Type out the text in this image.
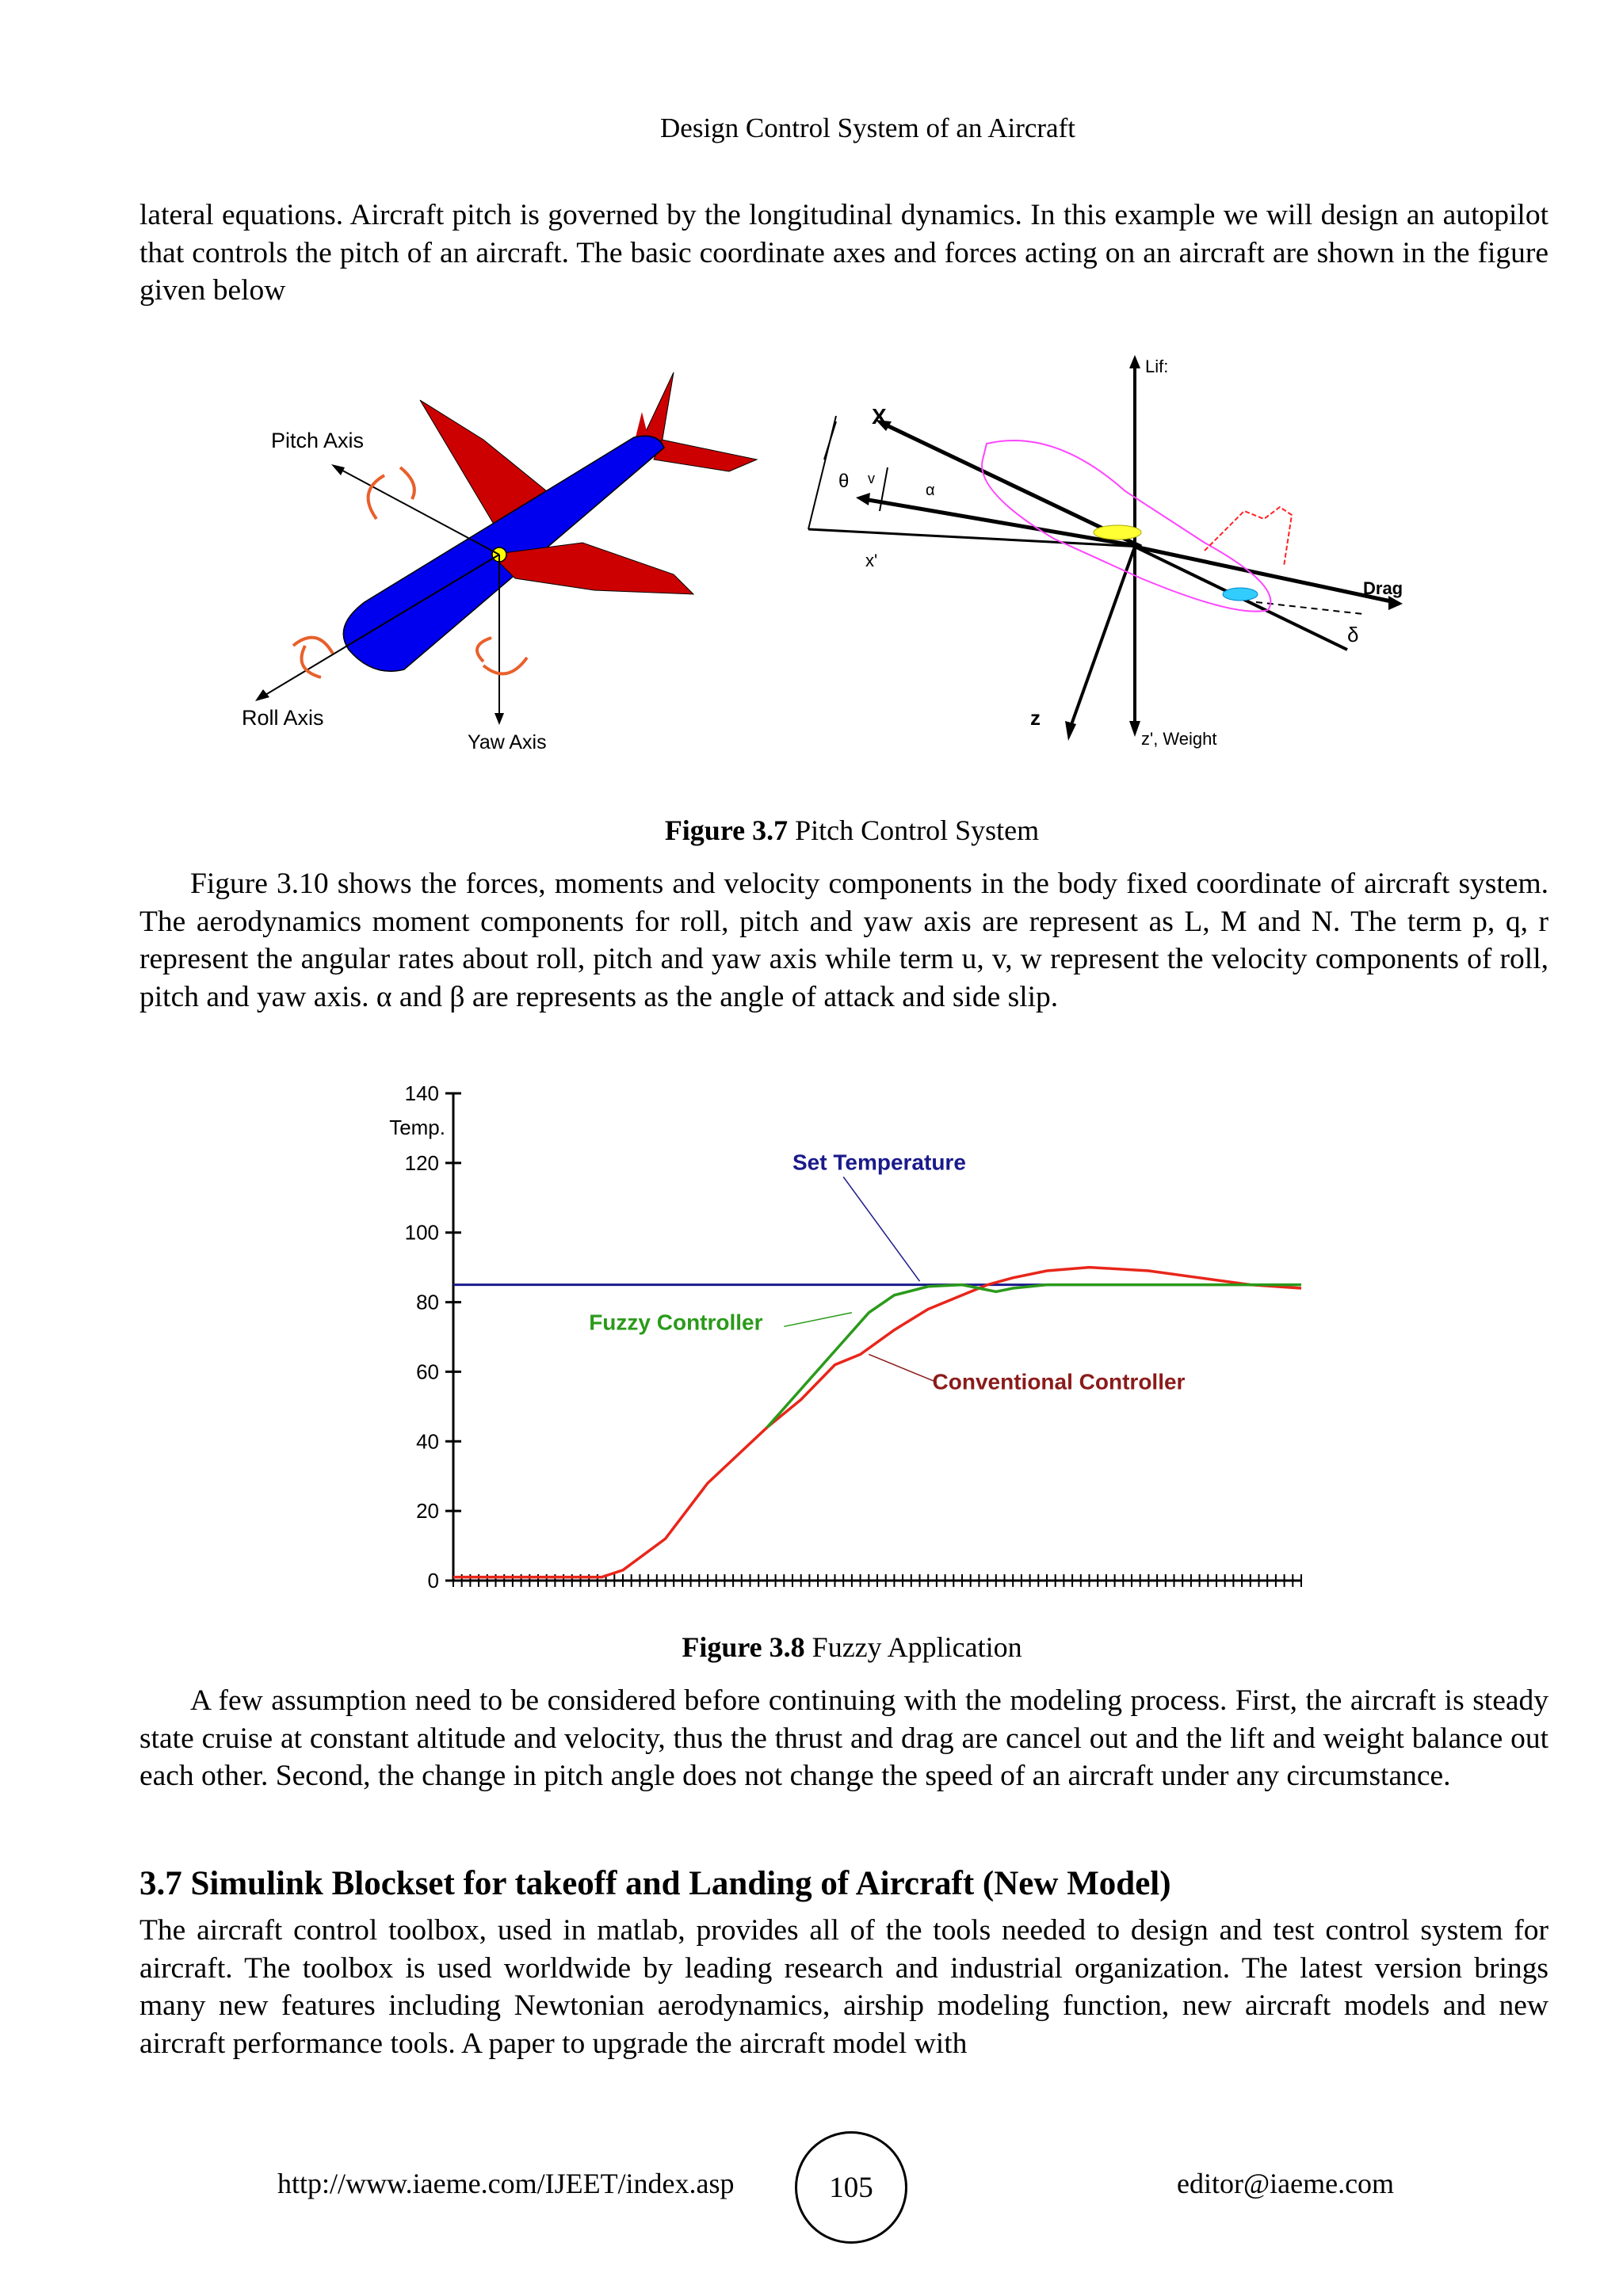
Design Control System of an Aircraft
lateral equations. Aircraft pitch is governed by the longitudinal dynamics. In this example we will design an autopilot that controls the pitch of an aircraft. The basic coordinate axes and forces acting on an aircraft are shown in the figure given below
Pitch Axis
Roll Axis
Yaw Axis
Lif:
X
θ v
α
x'
Drag
δ
z
z', Weight
Figure 3.7 Pitch Control System
Figure 3.10 shows the forces, moments and velocity components in the body fixed coordinate of aircraft system. The aerodynamics moment components for roll, pitch and yaw axis are represent as L, M and N. The term p, q, r represent the angular rates about roll, pitch and yaw axis while term u, v, w represent the velocity components of roll, pitch and yaw axis. α and β are represents as the angle of attack and side slip.
0
20
40
60
80
100
120
140
Temp.
Set Temperature
Fuzzy Controller
Conventional Controller
Figure 3.8 Fuzzy Application
A few assumption need to be considered before continuing with the modeling process. First, the aircraft is steady state cruise at constant altitude and velocity, thus the thrust and drag are cancel out and the lift and weight balance out each other. Second, the change in pitch angle does not change the speed of an aircraft under any circumstance.
3.7 Simulink Blockset for takeoff and Landing of Aircraft (New Model)
The aircraft control toolbox, used in matlab, provides all of the tools needed to design and test control system for aircraft. The toolbox is used worldwide by leading research and industrial organization. The latest version brings many new features including Newtonian aerodynamics, airship modeling function, new aircraft models and new aircraft performance tools. A paper to upgrade the aircraft model with
http://www.iaeme.com/IJEET/index.asp	105	editor@iaeme.com
